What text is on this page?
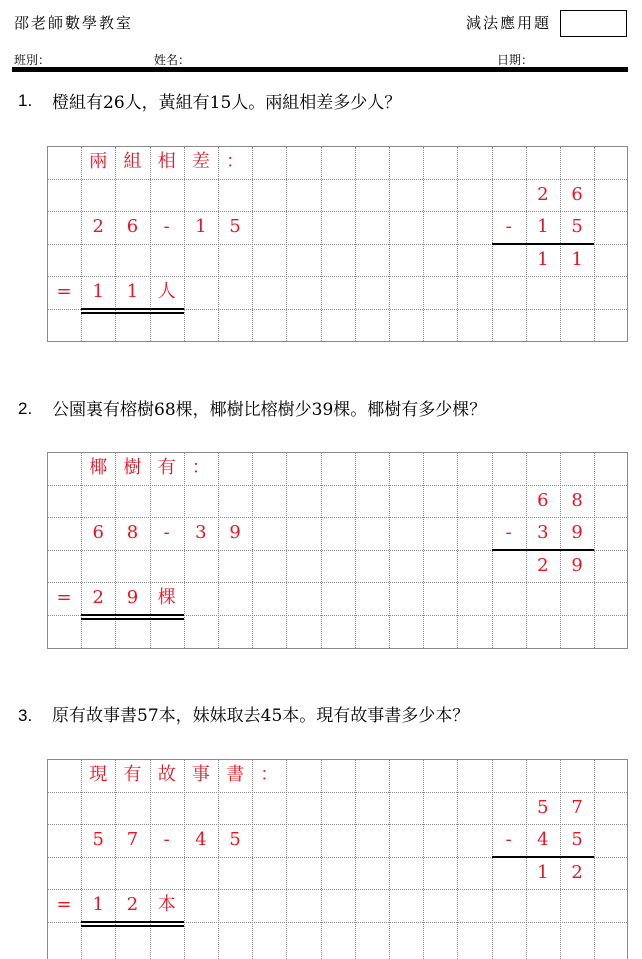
邵老師數學教室	減法應用題
班別：	姓名：	日期：
1. 橙組有26人，黃組有15人。兩組相差多少人？
兩 組 相 差 ：
2	6	-	1	5
=	1	1	人
2	6
-	1	5
1	1
2. 公園裏有榕樹68棵，椰樹比榕樹少39棵。椰樹有多少棵？
椰 樹 有 ：
6	8	-	3	9
=	2	9	棵
6	8
-	3	9
2	9
3. 原有故事書57本，妹妹取去45本。現有故事書多少本？
現 有 故 事 書 ：
5	7	-	4	5
=	1	2	本
5	7
-	4	5
1	2
